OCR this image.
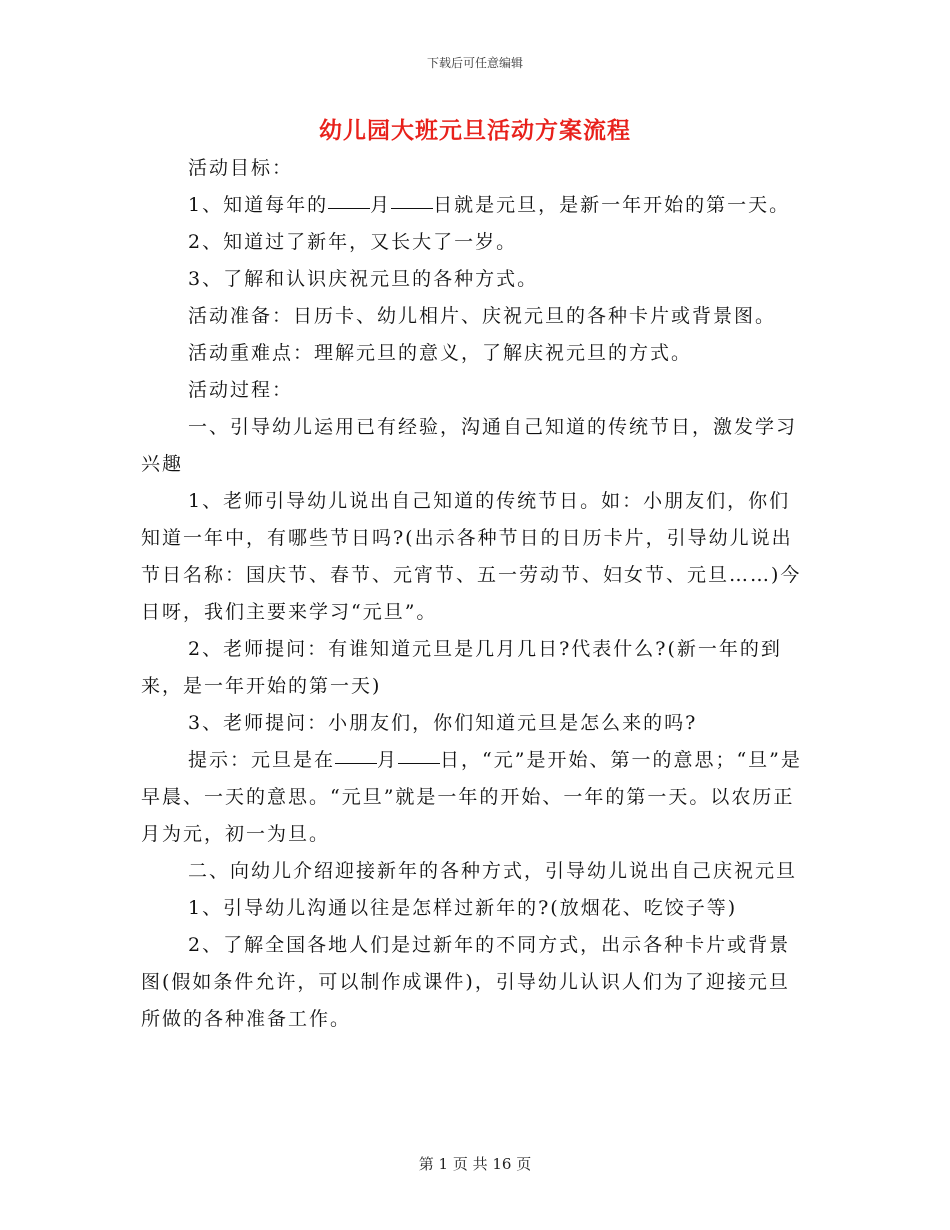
下载后可任意编辑
幼儿园大班元旦活动方案流程

活动目标：

1、知道每年的 月 日就是元旦，是新一年开始的第一天。

2、知道过了新年，又长大了一岁。

3、了解和认识庆祝元旦的各种方式。

活动准备：日历卡、幼儿相片、庆祝元旦的各种卡片或背景图。

活动重难点：理解元旦的意义，了解庆祝元旦的方式。

活动过程：

一、引导幼儿运用已有经验，沟通自己知道的传统节日，激发学习兴趣

1、老师引导幼儿说出自己知道的传统节日。如：小朋友们，你们知道一年中，有哪些节日吗?(出示各种节日的日历卡片，引导幼儿说出节日名称：国庆节、春节、元宵节、五一劳动节、妇女节、元旦……)今日呀，我们主要来学习“元旦”。

2、老师提问：有谁知道元旦是几月几日?代表什么?(新一年的到来，是一年开始的第一天)

3、老师提问：小朋友们，你们知道元旦是怎么来的吗?

提示：元旦是在 月 日，“元”是开始、第一的意思；“旦”是早晨、一天的意思。“元旦”就是一年的开始、一年的第一天。以农历正月为元，初一为旦。

二、向幼儿介绍迎接新年的各种方式，引导幼儿说出自己庆祝元旦

1、引导幼儿沟通以往是怎样过新年的?(放烟花、吃饺子等)

2、了解全国各地人们是过新年的不同方式，出示各种卡片或背景图(假如条件允许，可以制作成课件)，引导幼儿认识人们为了迎接元旦所做的各种准备工作。

第 1 页 共 16 页
